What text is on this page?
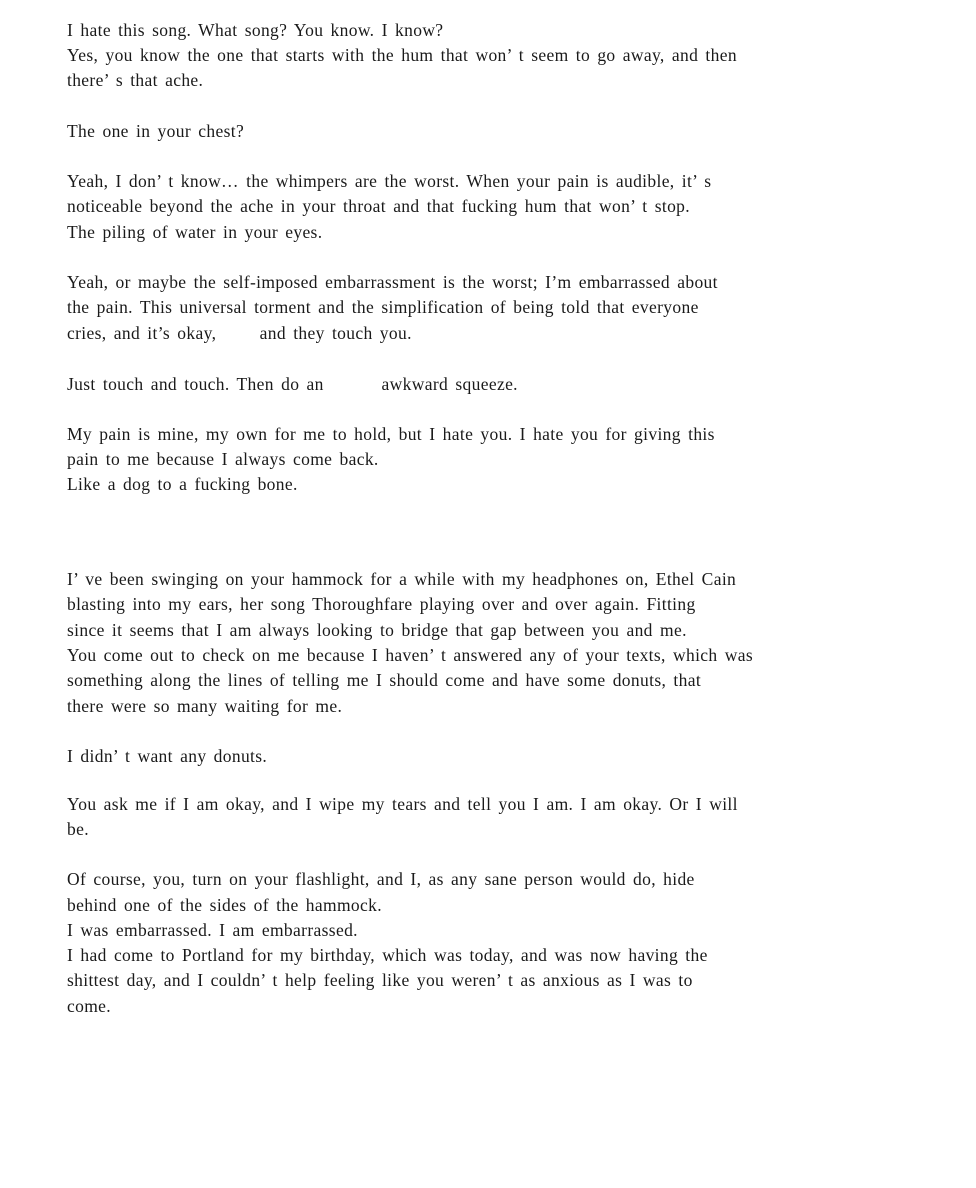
I hate this song. What song? You know. I know?

Yes, you know the one that starts with the hum that won’ t seem to go away, and then

there’ s that ache.

The one in your chest?

Yeah, I don’ t know… the whimpers are the worst. When your pain is audible, it’ s

noticeable beyond the ache in your throat and that fucking hum that won’ t stop.

The piling of water in your eyes.

Yeah, or maybe the self-imposed embarrassment is the worst; I’m embarrassed about

the pain. This universal torment and the simplification of being told that everyone

cries, and it’s okay,      and they touch you.

Just touch and touch. Then do an        awkward squeeze.

My pain is mine, my own for me to hold, but I hate you. I hate you for giving this

pain to me because I always come back.

Like a dog to a fucking bone.

I’ ve been swinging on your hammock for a while with my headphones on, Ethel Cain

blasting into my ears, her song Thoroughfare playing over and over again. Fitting

since it seems that I am always looking to bridge that gap between you and me.

You come out to check on me because I haven’ t answered any of your texts, which was

something along the lines of telling me I should come and have some donuts, that

there were so many waiting for me.

I didn’ t want any donuts.

You ask me if I am okay, and I wipe my tears and tell you I am. I am okay. Or I will

be.

Of course, you, turn on your flashlight, and I, as any sane person would do, hide

behind one of the sides of the hammock.

I was embarrassed. I am embarrassed.

I had come to Portland for my birthday, which was today, and was now having the

shittest day, and I couldn’ t help feeling like you weren’ t as anxious as I was to

come.
